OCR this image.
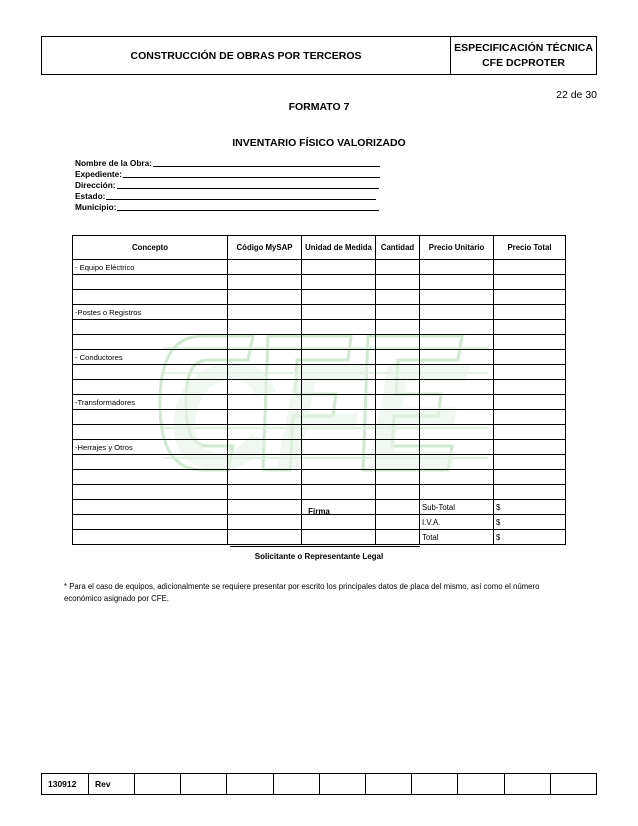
CONSTRUCCIÓN DE OBRAS POR TERCEROS	
ESPECIFICACIÓN TÉCNICA
CFE DCPROTER
22 de 30
FORMATO 7
INVENTARIO FÍSICO VALORIZADO
Nombre de la Obra:
Expediente:
Dirección:
Estado:
Municipio:
CFE
Concepto	Código MySAP	Unidad de Medida	Cantidad	Precio Unitario	Precio Total
- Equipo Eléctrico					

-Postes o Registros					

- Conductores					

-Transformadores					

-Herrajes y Otros					

				Sub-Total	$
				I.V.A.	$
				Total	$
Firma
Solicitante o Representante Legal
* Para el caso de equipos, adicionalmente se requiere presentar por escrito los principales datos de placa del mismo, así como el número económico asignado por CFE.
130912	Rev										
